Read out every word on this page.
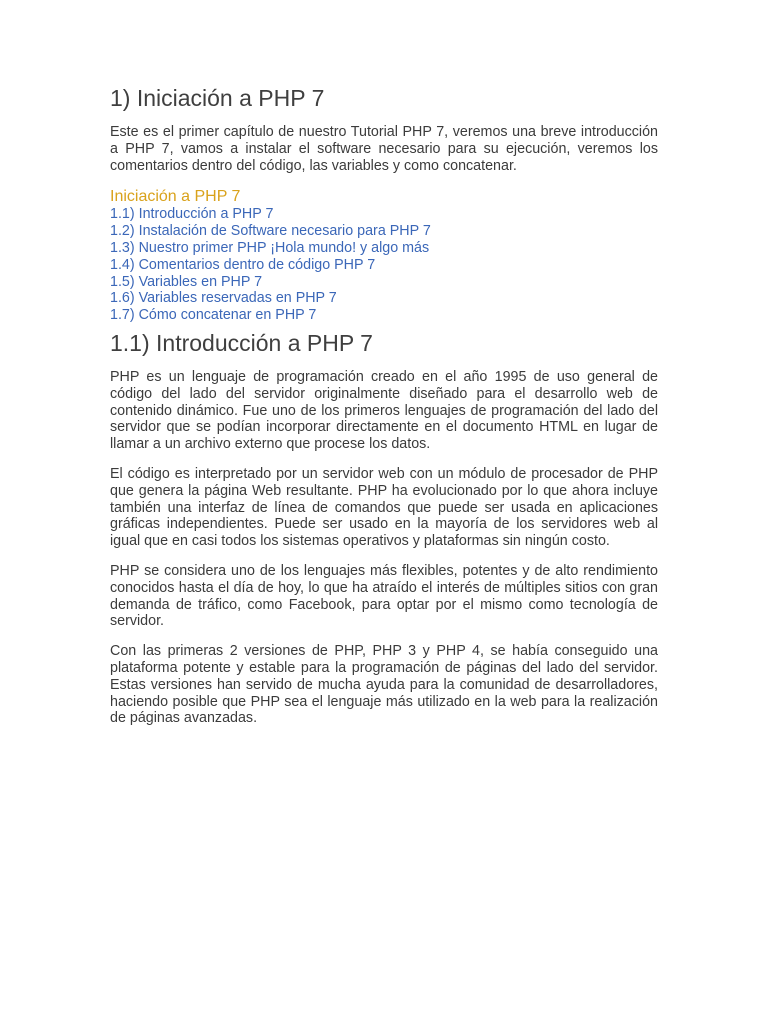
1) Iniciación a PHP 7

Este es el primer capítulo de nuestro Tutorial PHP 7, veremos una breve introducción a PHP 7, vamos a instalar el software necesario para su ejecución, veremos los comentarios dentro del código, las variables y como concatenar.

Iniciación a PHP 7
1.1) Introducción a PHP 7
1.2) Instalación de Software necesario para PHP 7
1.3) Nuestro primer PHP ¡Hola mundo! y algo más
1.4) Comentarios dentro de código PHP 7
1.5) Variables en PHP 7
1.6) Variables reservadas en PHP 7
1.7) Cómo concatenar en PHP 7
1.1) Introducción a PHP 7

PHP es un lenguaje de programación creado en el año 1995 de uso general de código del lado del servidor originalmente diseñado para el desarrollo web de contenido dinámico. Fue uno de los primeros lenguajes de programación del lado del servidor que se podían incorporar directamente en el documento HTML en lugar de llamar a un archivo externo que procese los datos.

El código es interpretado por un servidor web con un módulo de procesador de PHP que genera la página Web resultante. PHP ha evolucionado por lo que ahora incluye también una interfaz de línea de comandos que puede ser usada en aplicaciones gráficas independientes. Puede ser usado en la mayoría de los servidores web al igual que en casi todos los sistemas operativos y plataformas sin ningún costo.

PHP se considera uno de los lenguajes más flexibles, potentes y de alto rendimiento conocidos hasta el día de hoy, lo que ha atraído el interés de múltiples sitios con gran demanda de tráfico, como Facebook, para optar por el mismo como tecnología de servidor.

Con las primeras 2 versiones de PHP, PHP 3 y PHP 4, se había conseguido una plataforma potente y estable para la programación de páginas del lado del servidor. Estas versiones han servido de mucha ayuda para la comunidad de desarrolladores, haciendo posible que PHP sea el lenguaje más utilizado en la web para la realización de páginas avanzadas.
